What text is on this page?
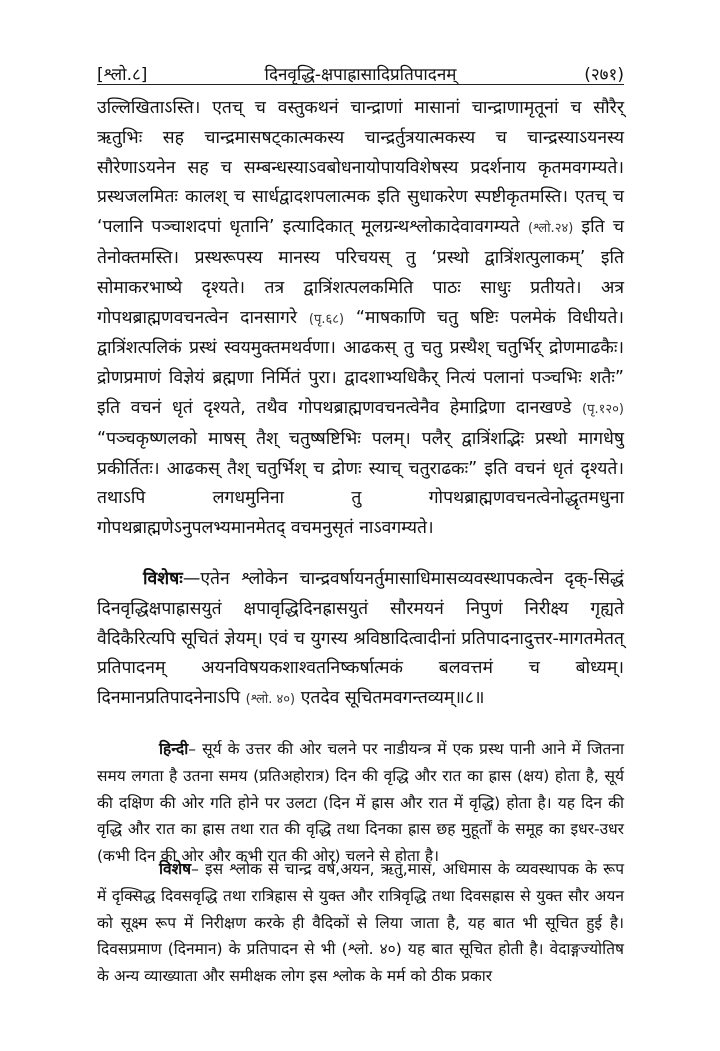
[श्लो.८]	दिनवृद्धि-क्षपाह्रासादिप्रतिपादनम्	(२७१)

उल्लिखिताऽस्ति। एतच् च वस्तुकथनं चान्द्राणां मासानां चान्द्राणामृतूनां च सौरैर् ऋतुभिः सह चान्द्रमासषट्कात्मकस्य चान्द्रर्तुत्रयात्मकस्य च चान्द्रस्याऽयनस्य सौरेणाऽयनेन सह च सम्बन्धस्याऽवबोधनायोपायविशेषस्य प्रदर्शनाय कृतमवगम्यते। प्रस्थजलमितः कालश् च सार्धद्वादशपलात्मक इति सुधाकरेण स्पष्टीकृतमस्ति। एतच् च ‘पलानि पञ्चाशदपां धृतानि’ इत्यादिकात् मूलग्रन्थश्लोकादेवावगम्यते (श्लो.२४) इति च तेनोक्तमस्ति। प्रस्थरूपस्य मानस्य परिचयस् तु ‘प्रस्थो द्वात्रिंशत्पुलाकम्’ इति सोमाकरभाष्ये दृश्यते। तत्र द्वात्रिंशत्पलकमिति पाठः साधुः प्रतीयते। अत्र गोपथब्राह्मणवचनत्वेन दानसागरे (पृ.६८) “माषकाणि चतु षष्टिः पलमेकं विधीयते। द्वात्रिंशत्पलिकं प्रस्थं स्वयमुक्तमथर्वणा। आढकस् तु चतु प्रस्थैश् चतुर्भिर् द्रोणमाढकैः। द्रोणप्रमाणं विज्ञेयं ब्रह्मणा निर्मितं पुरा। द्वादशाभ्यधिकैर् नित्यं पलानां पञ्चभिः शतैः” इति वचनं धृतं दृश्यते, तथैव गोपथब्राह्मणवचनत्वेनैव हेमाद्रिणा दानखण्डे (पृ.१२०) “पञ्चकृष्णलको माषस् तैश् चतुष्षष्टिभिः पलम्। पलैर् द्वात्रिंशद्भिः प्रस्थो मागधेषु प्रकीर्तितः। आढकस् तैश् चतुर्भिश् च द्रोणः स्याच् चतुराढकः” इति वचनं धृतं दृश्यते। तथाऽपि लगधमुनिना तु गोपथब्राह्मणवचनत्वेनोद्धृतमधुना गोपथब्राह्मणेऽनुपलभ्यमानमेतद् वचमनुसृतं नाऽवगम्यते।

विशेषः—एतेन श्लोकेन चान्द्रवर्षायनर्तुमासाधिमासव्यवस्थापकत्वेन दृक्-सिद्धं दिनवृद्धिक्षपाह्रासयुतं क्षपावृद्धिदिनह्रासयुतं सौरमयनं निपुणं निरीक्ष्य गृह्यते वैदिकैरित्यपि सूचितं ज्ञेयम्। एवं च युगस्य श्रविष्ठादित्वादीनां प्रतिपादनादुत्तर-मागतमेतत् प्रतिपादनम् अयनविषयकशाश्वतनिष्कर्षात्मकं बलवत्तमं च बोध्यम्। दिनमानप्रतिपादनेनाऽपि (श्लो. ४०) एतदेव सूचितमवगन्तव्यम्॥८॥

हिन्दी– सूर्य के उत्तर की ओर चलने पर नाडीयन्त्र में एक प्रस्थ पानी आने में जितना समय लगता है उतना समय (प्रतिअहोरात्र) दिन की वृद्धि और रात का ह्रास (क्षय) होता है, सूर्य की दक्षिण की ओर गति होने पर उलटा (दिन में ह्रास और रात में वृद्धि) होता है। यह दिन की वृद्धि और रात का ह्रास तथा रात की वृद्धि तथा दिनका ह्रास छह मुहूर्तों के समूह का इधर-उधर (कभी दिन की ओर और कभी रात की ओर) चलने से होता है।

विशेष– इस श्लोक से चान्द्र वर्ष,अयन, ऋतु,मास, अधिमास के व्यवस्थापक के रूप में दृक्सिद्ध दिवसवृद्धि तथा रात्रिह्रास से युक्त और रात्रिवृद्धि तथा दिवसह्रास से युक्त सौर अयन को सूक्ष्म रूप में निरीक्षण करके ही वैदिकों से लिया जाता है, यह बात भी सूचित हुई है। दिवसप्रमाण (दिनमान) के प्रतिपादन से भी (श्लो. ४०) यह बात सूचित होती है। वेदाङ्गज्योतिष के अन्य व्याख्याता और समीक्षक लोग इस श्लोक के मर्म को ठीक प्रकार
